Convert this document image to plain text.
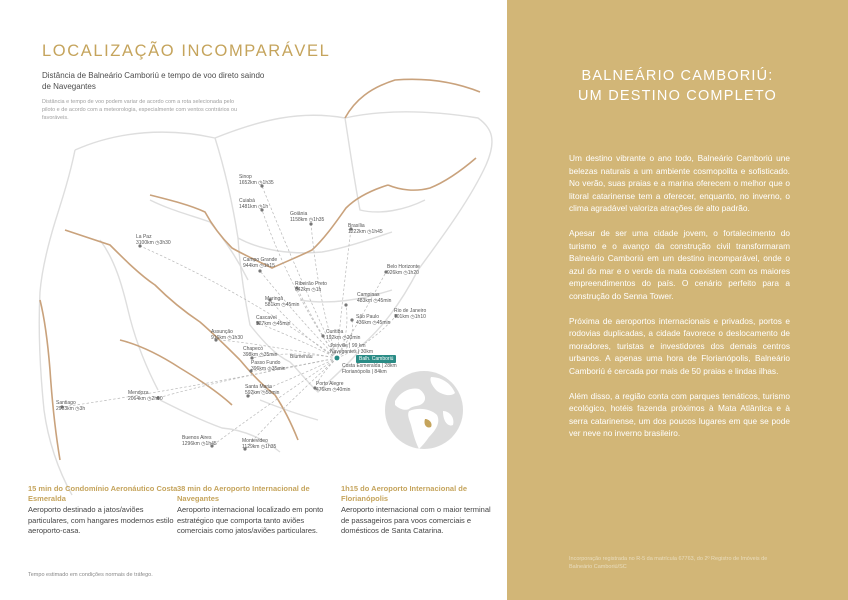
LOCALIZAÇÃO INCOMPARÁVEL
Distância de Balneário Camboriú e tempo de voo direto saindo de Navegantes
Distância e tempo de voo podem variar de acordo com a rota selecionada pelo piloto e de acordo com a meteorologia, especialmente com ventos contrários ou favoráveis.
Sinop
1652km ◷1h35
Cuiabá
1481km ◷1h
Goiânia
1158km ◷1h35
Brasília
1222km ◷1h45
La Paz
3100km ◷3h30
Campo Grande
944km ◷1h15	Belo Horizonte
926km ◷1h20
Ribeirão Preto
642km ◷1h
Campinas
483km ◷45min
Maringá
581km ◷45min
Rio de Janeiro
701km ◷1h10
São Paulo
436km ◷45min
Cascavel
527km ◷45min
Curitiba
192km ◷20min
Assunção
916km ◷1h30
Joinville | 99 km
Navegantes | 30km
Chapecó
398km ◷35min	Blumenau
Costa Esmeralda | 28km
Florianópolis | 84km
Passo Fundo
396km ◷35min
Porto Alegre
476km ◷40min
Santa Maria
592km ◷50min
Mendoza
2064km ◷2h50
Santiago
2903km ◷3h
Buenos Aires
1296km ◷1h45	Montevideo
1129km ◷1h35
Balh. Camboriú
15 min do Condomínio Aeronáutico Costa Esmeralda
Aeroporto destinado a jatos/aviões particulares, com hangares modernos estilo aeroporto-casa.
38 min do Aeroporto Internacional de Navegantes
Aeroporto internacional localizado em ponto estratégico que comporta tanto aviões comerciais como jatos/aviões particulares.
1h15 do Aeroporto Internacional de Florianópolis
Aeroporto internacional com o maior terminal de passageiros para voos comerciais e domésticos de Santa Catarina.
Tempo estimado em condições normais de tráfego.
BALNEÁRIO CAMBORIÚ:
UM DESTINO COMPLETO

Um destino vibrante o ano todo, Balneário Camboriú une belezas naturais a um ambiente cosmopolita e sofisticado. No verão, suas praias e a marina oferecem o melhor que o litoral catarinense tem a oferecer, enquanto, no inverno, o clima agradável valoriza atrações de alto padrão.

Apesar de ser uma cidade jovem, o fortalecimento do turismo e o avanço da construção civil transformaram Balneário Camboriú em um destino incomparável, onde o azul do mar e o verde da mata coexistem com os maiores empreendimentos do país. O cenário perfeito para a construção do Senna Tower.

Próxima de aeroportos internacionais e privados, portos e rodovias duplicadas, a cidade favorece o deslocamento de moradores, turistas e investidores dos demais centros urbanos. A apenas uma hora de Florianópolis, Balneário Camboriú é cercada por mais de 50 praias e lindas ilhas.

Além disso, a região conta com parques temáticos, turismo ecológico, hotéis fazenda próximos à Mata Atlântica e à serra catarinense, um dos poucos lugares em que se pode ver neve no inverno brasileiro.

Incorporação registrada no R-5 da matrícula 67763, do 2º Registro de Imóveis de Balneário Camboriú/SC
